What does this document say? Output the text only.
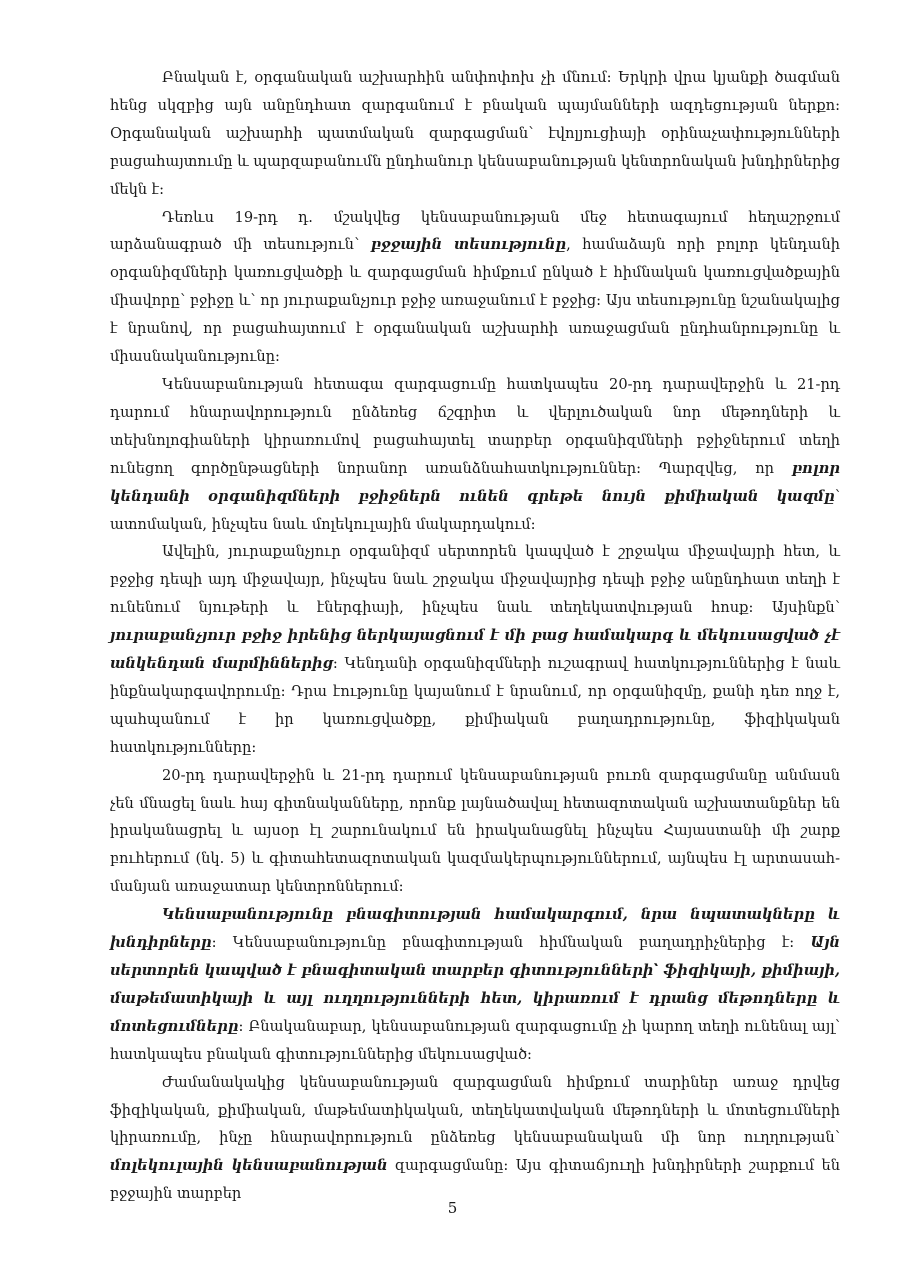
Բնական է, օրգանական աշխարհին անփոփոխ չի մնում: Երկրի վրա կյանքի ծագման հենց սկզբից այն անընդհատ զարգանում է բնական պայմանների ազդեցության ներքո: Օրգանական աշխարհի պատմական զարգացման՝ էվոլյուցիայի օրինաչափությունների բացահայտումը և պարզաբանումն ընդհանուր կենսաբանության կենտրոնական խնդիրներից մեկն է:

Դեռևս 19-րդ դ. մշակվեց կենսաբանության մեջ հետագայում հեղաշրջում արձանագրած մի տեսություն՝ բջջային տեսությունը, համաձայն որի բոլոր կենդանի օրգանիզմների կառուցվածքի և զարգացման հիմքում ընկած է հիմնական կառուցվածքային միավորը՝ բջիջը և՝ որ յուրաքանչյուր բջիջ առաջանում է բջջից: Այս տեսությունը նշանակալից է նրանով, որ բացահայտում է օրգանական աշխարհի առաջացման ընդհանրությունը և միասնականությունը:

Կենսաբանության հետագա զարգացումը հատկապես 20-րդ դարավերջին և 21-րդ դարում հնարավորություն ընձեռեց ճշգրիտ և վերլուծական նոր մեթոդների և տեխնոլոգիաների կիրառումով բացահայտել տարբեր օրգանիզմների բջիջներում տեղի ունեցող գործընթացների նորանոր առանձնահատկություններ: Պարզվեց, որ բոլոր կենդանի օրգանիզմների բջիջներն ունեն գրեթե նույն քիմիական կազմը՝ ատոմական, ինչպես նաև մոլեկուլային մակարդակում:

Ավելին, յուրաքանչյուր օրգանիզմ սերտորեն կապված է շրջակա միջավայրի հետ, և բջջից դեպի այդ միջավայր, ինչպես նաև շրջակա միջավայրից դեպի բջիջ անընդհատ տեղի է ունենում նյութերի և էներգիայի, ինչպես նաև տեղեկատվության հոսք: Այսինքն՝ յուրաքանչյուր բջիջ իրենից ներկայացնում է մի բաց համակարգ և մեկուսացված չէ անկենդան մարմիններից: Կենդանի օրգանիզմների ուշագրավ հատկություններից է նաև ինքնակարգավորումը: Դրա էությունը կայանում է նրանում, որ օրգանիզմը, քանի դեռ ողջ է, պահպանում է իր կառուցվածքը, քիմիական բաղադրությունը, ֆիզիկական հատկությունները:

20-րդ դարավերջին և 21-րդ դարում կենսաբանության բուռն զարգացմանը անմասն չեն մնացել նաև հայ գիտնականները, որոնք լայնածավալ հետազոտական աշխատանքներ են իրականացրել և այսօր էլ շարունակում են իրականացնել ինչպես Հայաստանի մի շարք բուհերում (նկ. 5) և գիտահետազոտական կազմակերպություններում, այնպես էլ արտասահ-մանյան առաջատար կենտրոններում:

Կենսաբանությունը բնագիտության համակարգում, նրա նպատակները և խնդիրները: Կենսաբանությունը բնագիտության հիմնական բաղադրիչներից է: Այն սերտորեն կապված է բնագիտական տարբեր գիտությունների՝ ֆիզիկայի, քիմիայի, մաթեմատիկայի և այլ ուղղությունների հետ, կիրառում է դրանց մեթոդները և մոտեցումները: Բնականաբար, կենսաբանության զարգացումը չի կարող տեղի ունենալ այլ՝ հատկապես բնական գիտություններից մեկուսացված:

Ժամանակակից կենսաբանության զարգացման հիմքում տարիներ առաջ դրվեց ֆիզիկական, քիմիական, մաթեմատիկական, տեղեկատվական մեթոդների և մոտեցումների կիրառումը, ինչը հնարավորություն ընձեռեց կենսաբանական մի նոր ուղղության՝ մոլեկուլային կենսաբանության զարգացմանը: Այս գիտաճյուղի խնդիրների շարքում են բջջային տարբեր

5
